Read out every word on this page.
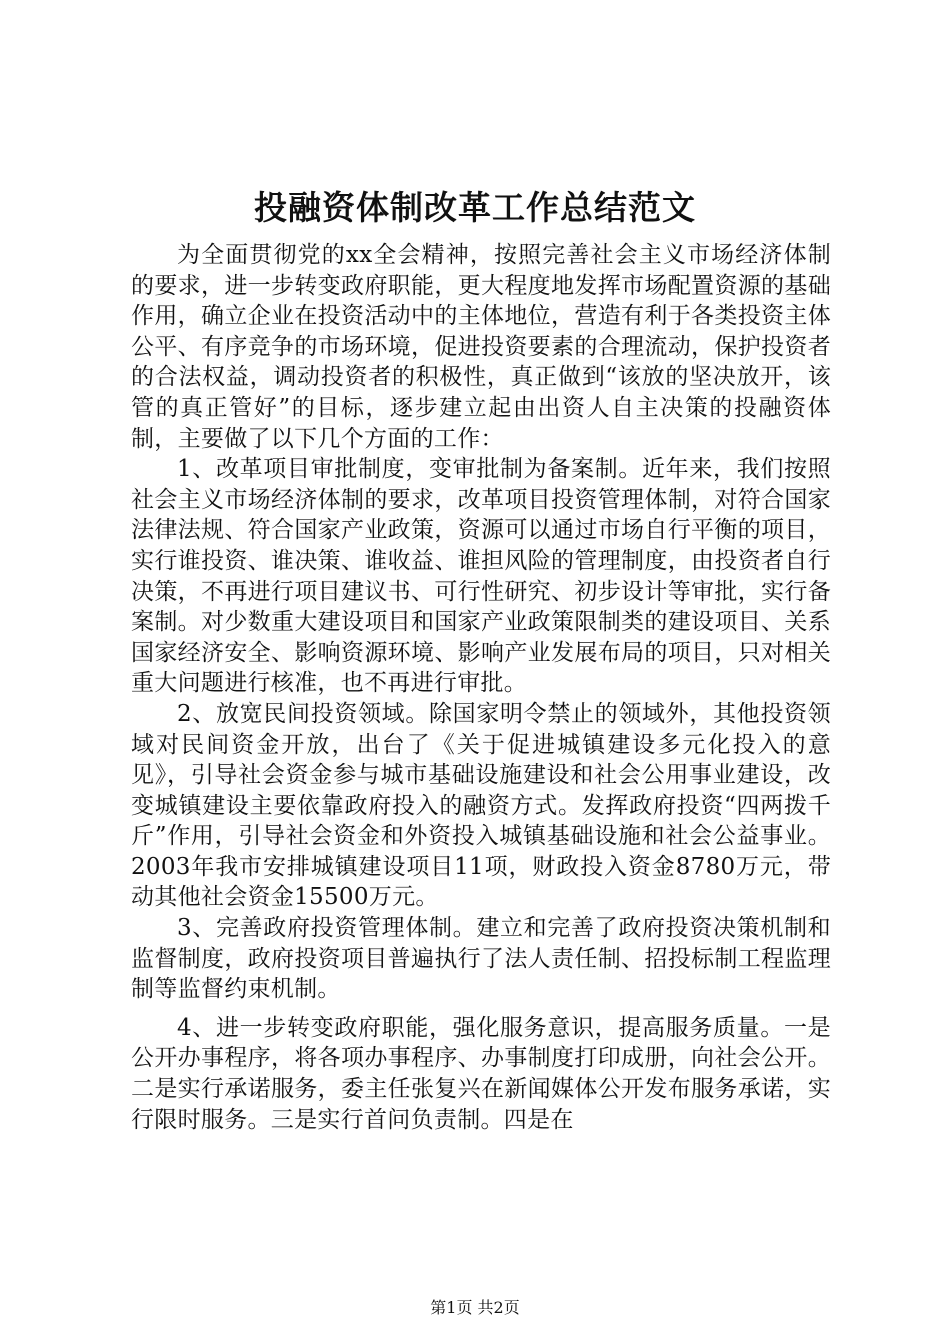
投融资体制改革工作总结范文

为全面贯彻党的xx全会精神，按照完善社会主义市场经济体制的要求，进一步转变政府职能，更大程度地发挥市场配置资源的基础作用，确立企业在投资活动中的主体地位，营造有利于各类投资主体公平、有序竞争的市场环境，促进投资要素的合理流动，保护投资者的合法权益，调动投资者的积极性，真正做到“该放的坚决放开，该管的真正管好”的目标，逐步建立起由出资人自主决策的投融资体制，主要做了以下几个方面的工作：

1、改革项目审批制度，变审批制为备案制。近年来，我们按照社会主义市场经济体制的要求，改革项目投资管理体制，对符合国家法律法规、符合国家产业政策，资源可以通过市场自行平衡的项目，实行谁投资、谁决策、谁收益、谁担风险的管理制度，由投资者自行决策，不再进行项目建议书、可行性研究、初步设计等审批，实行备案制。对少数重大建设项目和国家产业政策限制类的建设项目、关系国家经济安全、影响资源环境、影响产业发展布局的项目，只对相关重大问题进行核准，也不再进行审批。

2、放宽民间投资领域。除国家明令禁止的领域外，其他投资领域对民间资金开放，出台了《关于促进城镇建设多元化投入的意见》，引导社会资金参与城市基础设施建设和社会公用事业建设，改变城镇建设主要依靠政府投入的融资方式。发挥政府投资“四两拨千斤”作用，引导社会资金和外资投入城镇基础设施和社会公益事业。2003年我市安排城镇建设项目11项，财政投入资金8780万元，带动其他社会资金15500万元。

3、完善政府投资管理体制。建立和完善了政府投资决策机制和监督制度，政府投资项目普遍执行了法人责任制、招投标制工程监理制等监督约束机制。

4、进一步转变政府职能，强化服务意识，提高服务质量。一是公开办事程序，将各项办事程序、办事制度打印成册，向社会公开。二是实行承诺服务，委主任张复兴在新闻媒体公开发布服务承诺，实行限时服务。三是实行首问负责制。四是在

第1页 共2页
